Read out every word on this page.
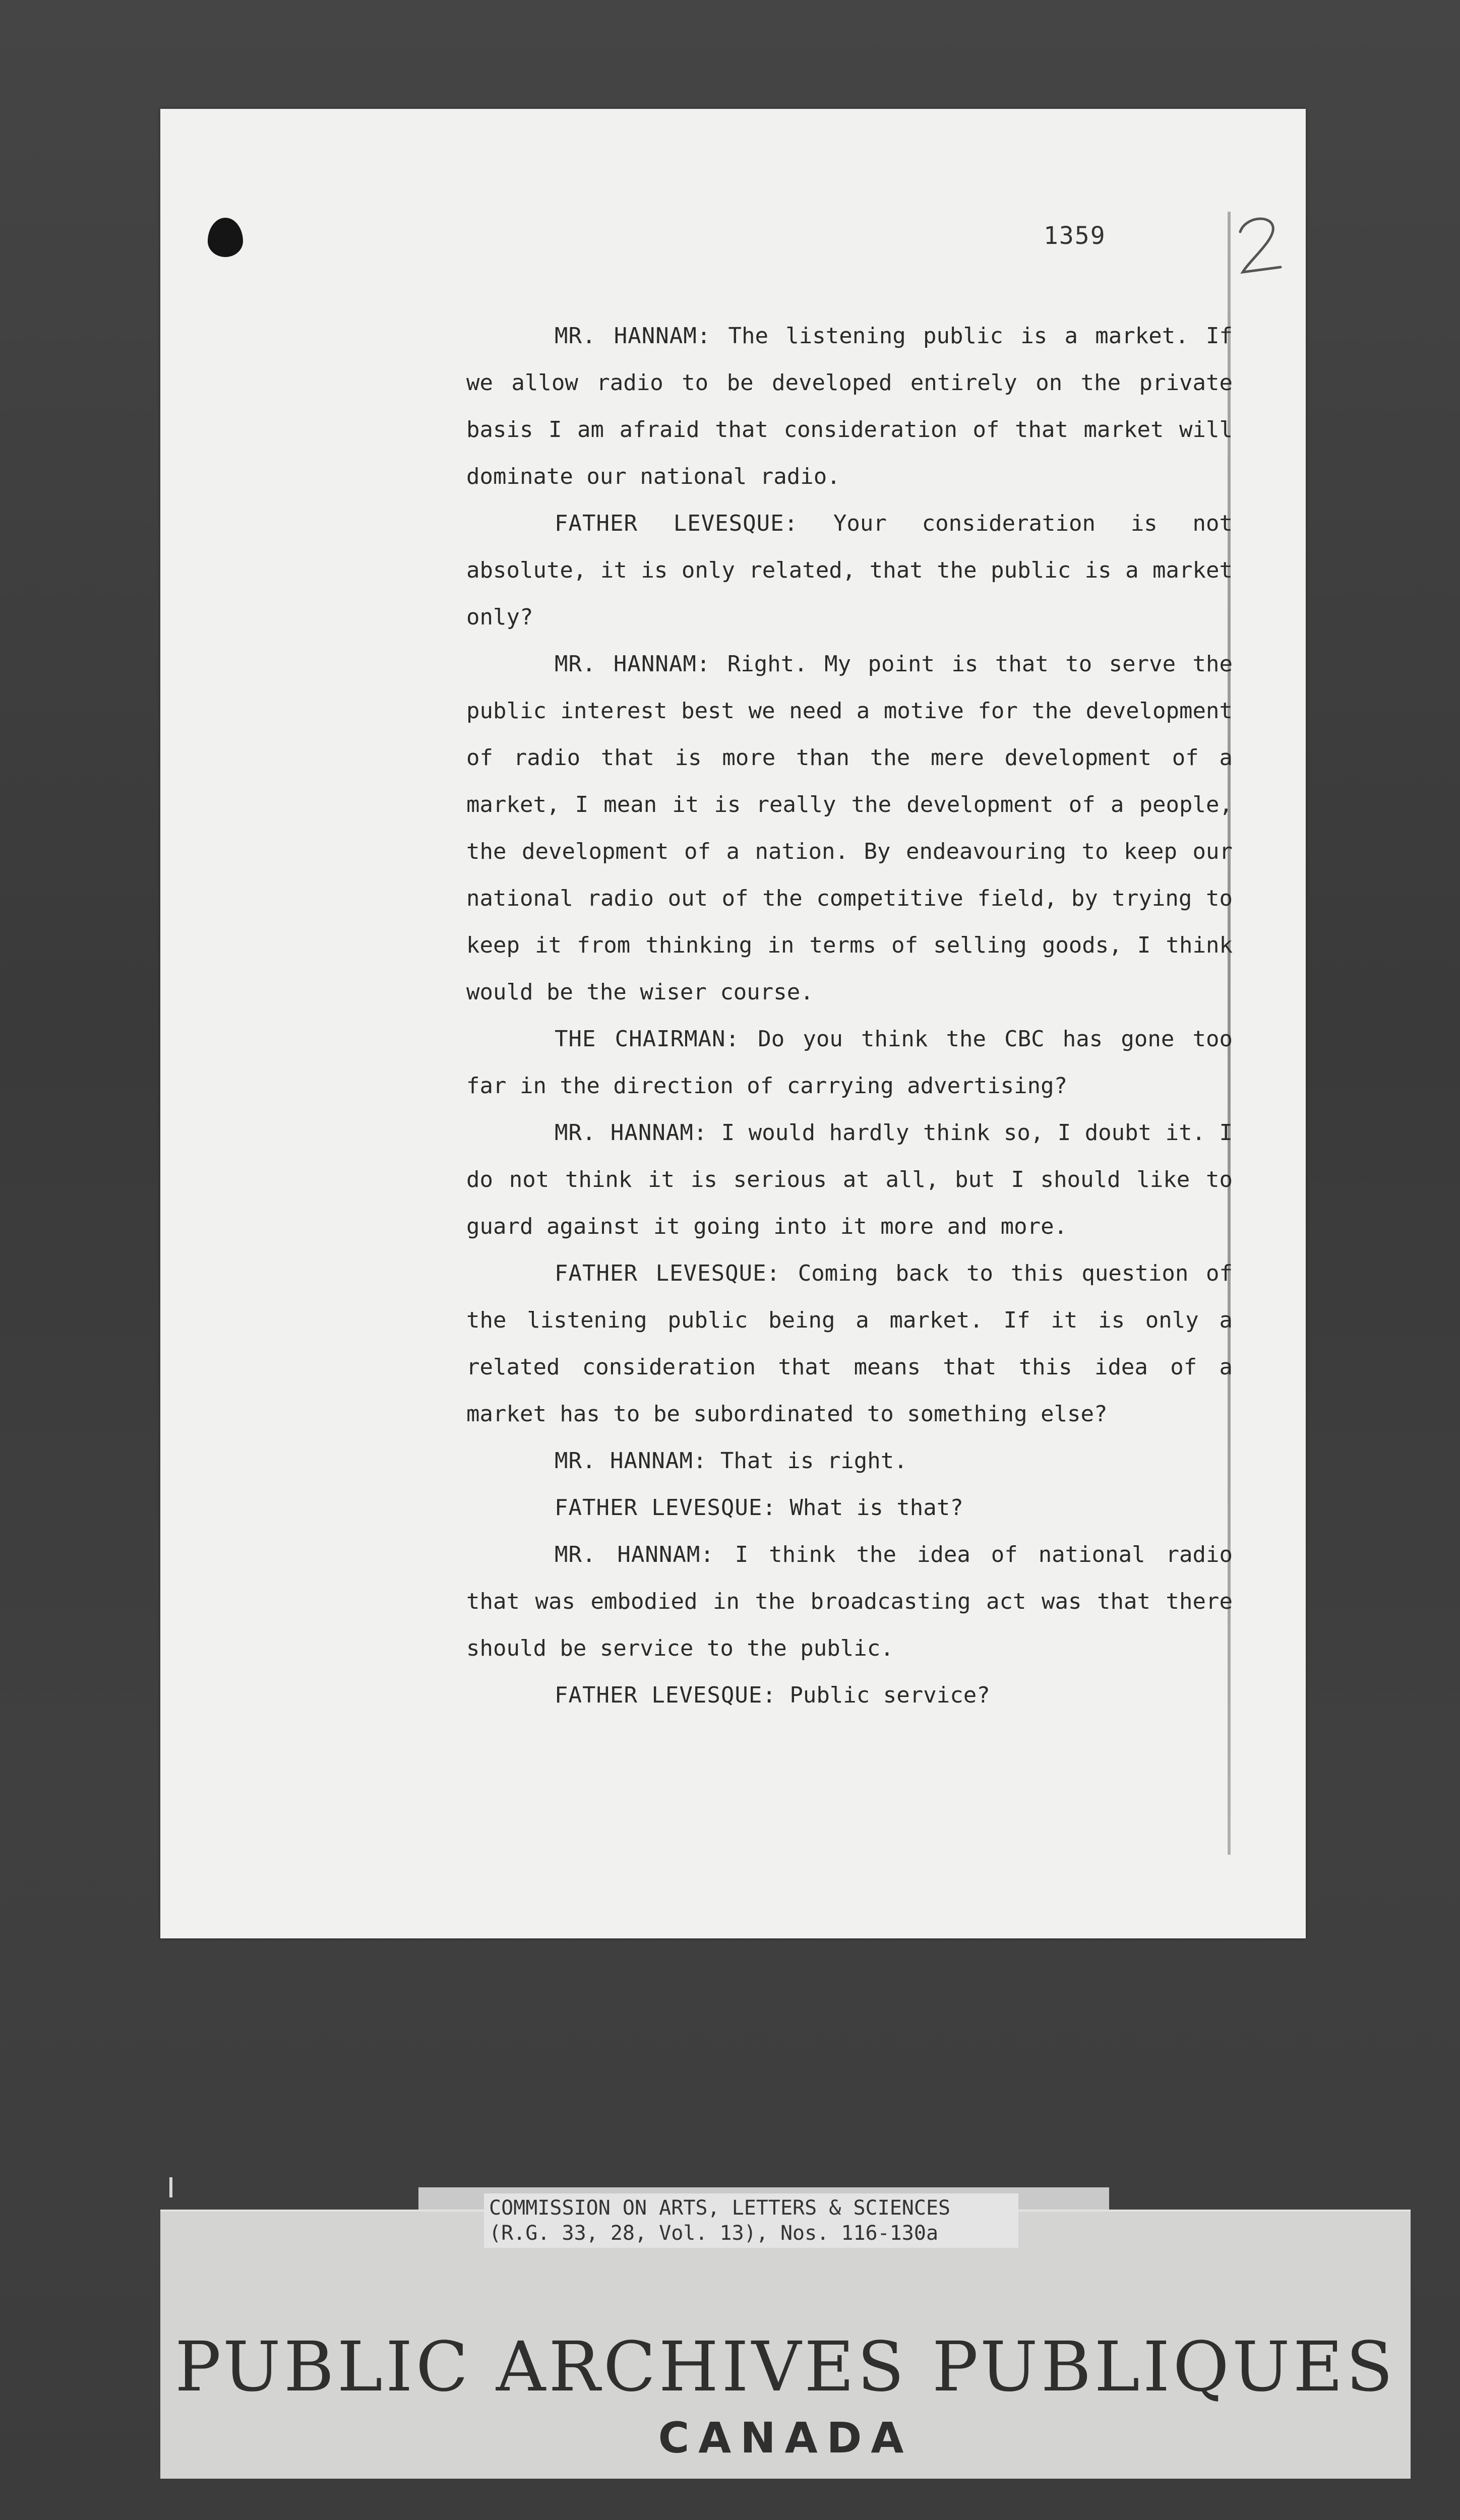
1359

MR. HANNAM: The listening public is a market. If we allow radio to be developed entirely on the private basis I am afraid that consideration of that market will dominate our national radio.

FATHER LEVESQUE: Your consideration is not absolute, it is only related, that the public is a market only?

MR. HANNAM: Right. My point is that to serve the public interest best we need a motive for the development of radio that is more than the mere development of a market, I mean it is really the development of a people, the development of a nation. By endeavouring to keep our national radio out of the competitive field, by trying to keep it from thinking in terms of selling goods, I think would be the wiser course.

THE CHAIRMAN: Do you think the CBC has gone too far in the direction of carrying advertising?

MR. HANNAM: I would hardly think so, I doubt it. I do not think it is serious at all, but I should like to guard against it going into it more and more.

FATHER LEVESQUE: Coming back to this question of the listening public being a market. If it is only a related consideration that means that this idea of a market has to be subordinated to something else?

MR. HANNAM: That is right.

FATHER LEVESQUE: What is that?

MR. HANNAM: I think the idea of national radio that was embodied in the broadcasting act was that there should be service to the public.

FATHER LEVESQUE: Public service?

PUBLIC ARCHIVES PUBLIQUES
CANADA
COMMISSION ON ARTS, LETTERS & SCIENCES
(R.G. 33, 28, Vol. 13), Nos. 116-130a
